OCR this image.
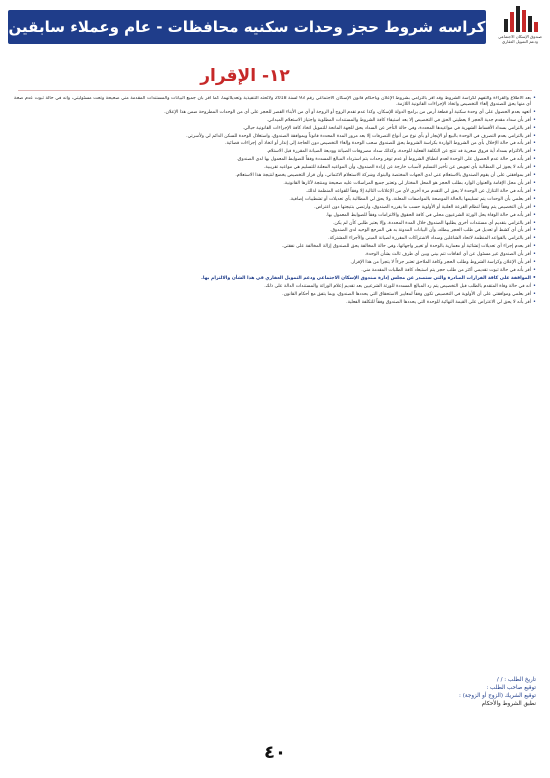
كراسه شروط حجز وحدات سكنيه محافظات - عام وعملاء سابقين
صندوق الإسكان الاجتماعي ودعم التمويل العقاري
١٢- الإقرار

• بعد الاطلاع والقراءة والتفهم لكراسة الشروط وقد أقر بالتزامي بشروط الإعلان وبأحكام قانون الإسكان الاجتماعي رقم 93 لسنة 2018 ولائحته التنفيذية وتعديلاتهما، كما أقر بأن جميع البيانات والمستندات المقدمة مني صحيحة وتحت مسئوليتي، وأنه في حالة ثبوت عدم صحة أي منها يحق للصندوق إلغاء التخصيص واتخاذ الإجراءات القانونية اللازمة.

• أتعهد بعدم الحصول على أي وحدة سكنية أو قطعة أرض من برامج الدولة للإسكان، وكذا عدم تقدم الزوج أو الزوجة أو أي من الأبناء القصر للحجز على أي من الوحدات المطروحة ضمن هذا الإعلان.

• أقر بأن سداد مقدم جدية الحجز لا يعطيني الحق في التخصيص إلا بعد استيفاء كافة الشروط والمستندات المطلوبة واجتياز الاستعلام الميداني.

• أقر بالتزامي بسداد الأقساط الشهرية في مواعيدها المحددة، وفي حالة التأخر عن السداد يحق للجهة المانحة للتمويل اتخاذ كافة الإجراءات القانونية حيالي.

• أقر بالتزامي بعدم التصرف في الوحدة بالبيع أو الإيجار أو بأي نوع من أنواع التصرفات إلا بعد مرور المدة المحددة قانوناً وبموافقة الصندوق، واستغلال الوحدة للسكن الدائم لي ولأسرتي.

• أقر بأنه في حالة الإخلال بأي من الشروط الواردة بكراسة الشروط يحق للصندوق سحب الوحدة وإلغاء التخصيص دون الحاجة إلى إنذار أو اتخاذ أي إجراءات قضائية.

• أقر بالالتزام بسداد أية فروق سعرية قد تنتج عن التكلفة الفعلية للوحدة، وكذلك سداد مصروفات الصيانة ووديعة الصيانة المقررة قبل الاستلام.

• أقر بأنه في حالة عدم الحصول على الوحدة لعدم انطباق الشروط أو عدم توفر وحدات يتم استرداد المبالغ المسددة وفقاً للضوابط المعمول بها لدى الصندوق.

• أقر بأنه لا يجوز لي المطالبة بأي تعويض عن تأخير التسليم لأسباب خارجة عن إرادة الصندوق، وأن المواعيد المعلنة للتسليم هي مواعيد تقريبية.

• أقر بموافقتي على أن يقوم الصندوق بالاستعلام عني لدى الجهات المختصة والبنوك وشركة الاستعلام الائتماني، وأن قرار التخصيص يخضع لنتيجة هذا الاستعلام.

• أقر بأن محل الإقامة والعنوان الوارد بطلب الحجز هو المحل المختار لي وتعتبر جميع المراسلات عليه صحيحة ومنتجة لآثارها القانونية.

• أقر بأنه في حالة التنازل عن الوحدة لا يحق لي التقدم مرة أخرى لأي من الإعلانات التالية إلا وفقاً للقواعد المنظمة لذلك.

• أقر بعلمي بأن الوحدات يتم تسليمها بالحالة الموضحة بالمواصفات المعلنة، ولا يحق لي المطالبة بأي تعديلات أو تشطيبات إضافية.

• أقر بأن التخصيص يتم وفقاً لنظام القرعة العلنية أو الأولوية حسب ما يقرره الصندوق، وأرتضي بنتيجتها دون اعتراض.

• أقر بأنه في حالة الوفاة يحل الورثة الشرعيون محلي في كافة الحقوق والالتزامات وفقاً للضوابط المعمول بها.

• أقر بالتزامي بتقديم أي مستندات أخرى يطلبها الصندوق خلال المدة المحددة، وإلا يعتبر طلبي كأن لم يكن.

• أقر بأن أي كشط أو تعديل في طلب الحجز يبطله، وأن البيانات المدونة به هي المرجع الوحيد لدى الصندوق.

• أقر بالتزامي بالقواعد المنظمة لاتحاد الشاغلين وسداد الاشتراكات المقررة لصيانة المبنى والأجزاء المشتركة.

• أقر بعدم إجراء أي تعديلات إنشائية أو معمارية بالوحدة أو تغيير واجهاتها، وفي حالة المخالفة يحق للصندوق إزالة المخالفة على نفقتي.

• أقر بأن الصندوق غير مسئول عن أي اتفاقات تتم بيني وبين أي طرف ثالث بشأن الوحدة.

• أقر بأن الإعلان وكراسة الشروط وطلب الحجز وكافة الملاحق تعتبر جزءاً لا يتجزأ من هذا الإقرار.

• أقر بأنه في حالة ثبوت تقديمي أكثر من طلب حجز يتم استبعاد كافة الطلبات المقدمة مني.

• الموافقة على كافة القرارات الصادرة والتي ستصدر عن مجلس إدارة صندوق الإسكان الاجتماعي ودعم التمويل العقاري في هذا الشأن والالتزام بها.

• أنه في حالة وفاة المتقدم بالطلب قبل التخصيص يتم رد المبالغ المسددة للورثة الشرعيين بعد تقديم إعلام الوراثة والمستندات الدالة على ذلك.

• أقر بعلمي وموافقتي على أن الأولوية في التخصيص تكون وفقاً لمعايير الاستحقاق التي يحددها الصندوق، وبما يتفق مع أحكام القانون.

• أقر بأنه لا يحق لي الاعتراض على القيمة النهائية للوحدة التي يحددها الصندوق وفقاً للتكلفة الفعلية.

تاريخ الطلب : / /
توقيع صاحب الطلب :
توقيع الشريك (الزوج أو الزوجة) :
نطبق الشروط والأحكام
٤٠
